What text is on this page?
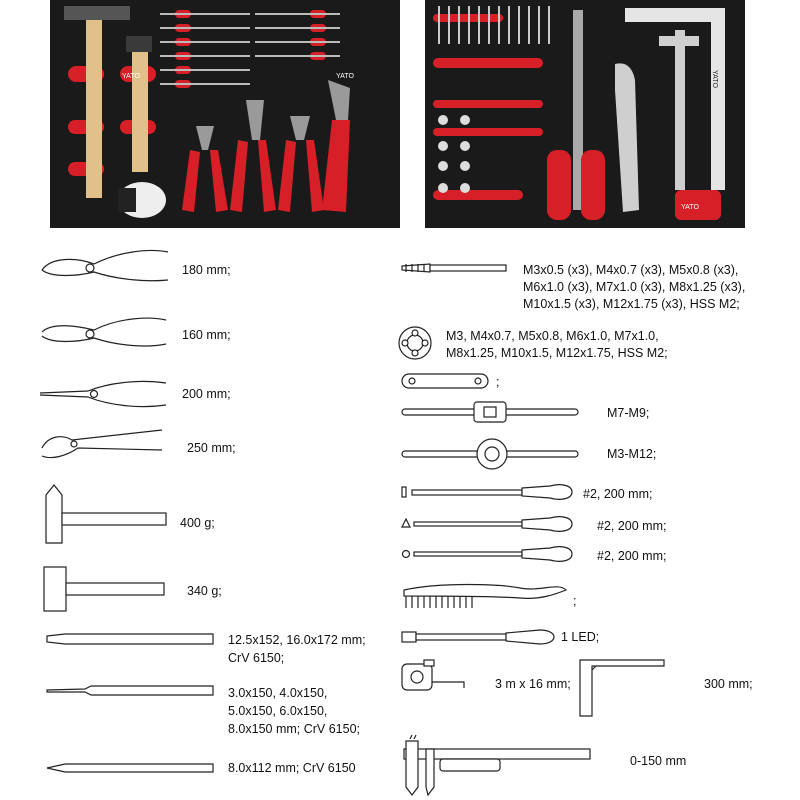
YATO	YATO	YATO
YATO
180 mm;
160 mm;
200 mm;
250 mm;
400 g;
340 g;
12.5x152, 16.0x172 mm;
CrV 6150;
3.0x150, 4.0x150,
5.0x150, 6.0x150,
8.0x150 mm; CrV 6150;
8.0x112 mm; CrV 6150
M3x0.5 (x3), M4x0.7 (x3), M5x0.8 (x3),
M6x1.0 (x3), M7x1.0 (x3), M8x1.25 (x3),
M10x1.5 (x3), M12x1.75 (x3), HSS M2;
M3, M4x0.7, M5x0.8, M6x1.0, M7x1.0,
M8x1.25, M10x1.5, M12x1.75, HSS M2;
;
M7-M9;
M3-M12;
#2, 200 mm;
#2, 200 mm;
#2, 200 mm;
;
1 LED;
3 m x 16 mm;	300 mm;
0-150 mm
